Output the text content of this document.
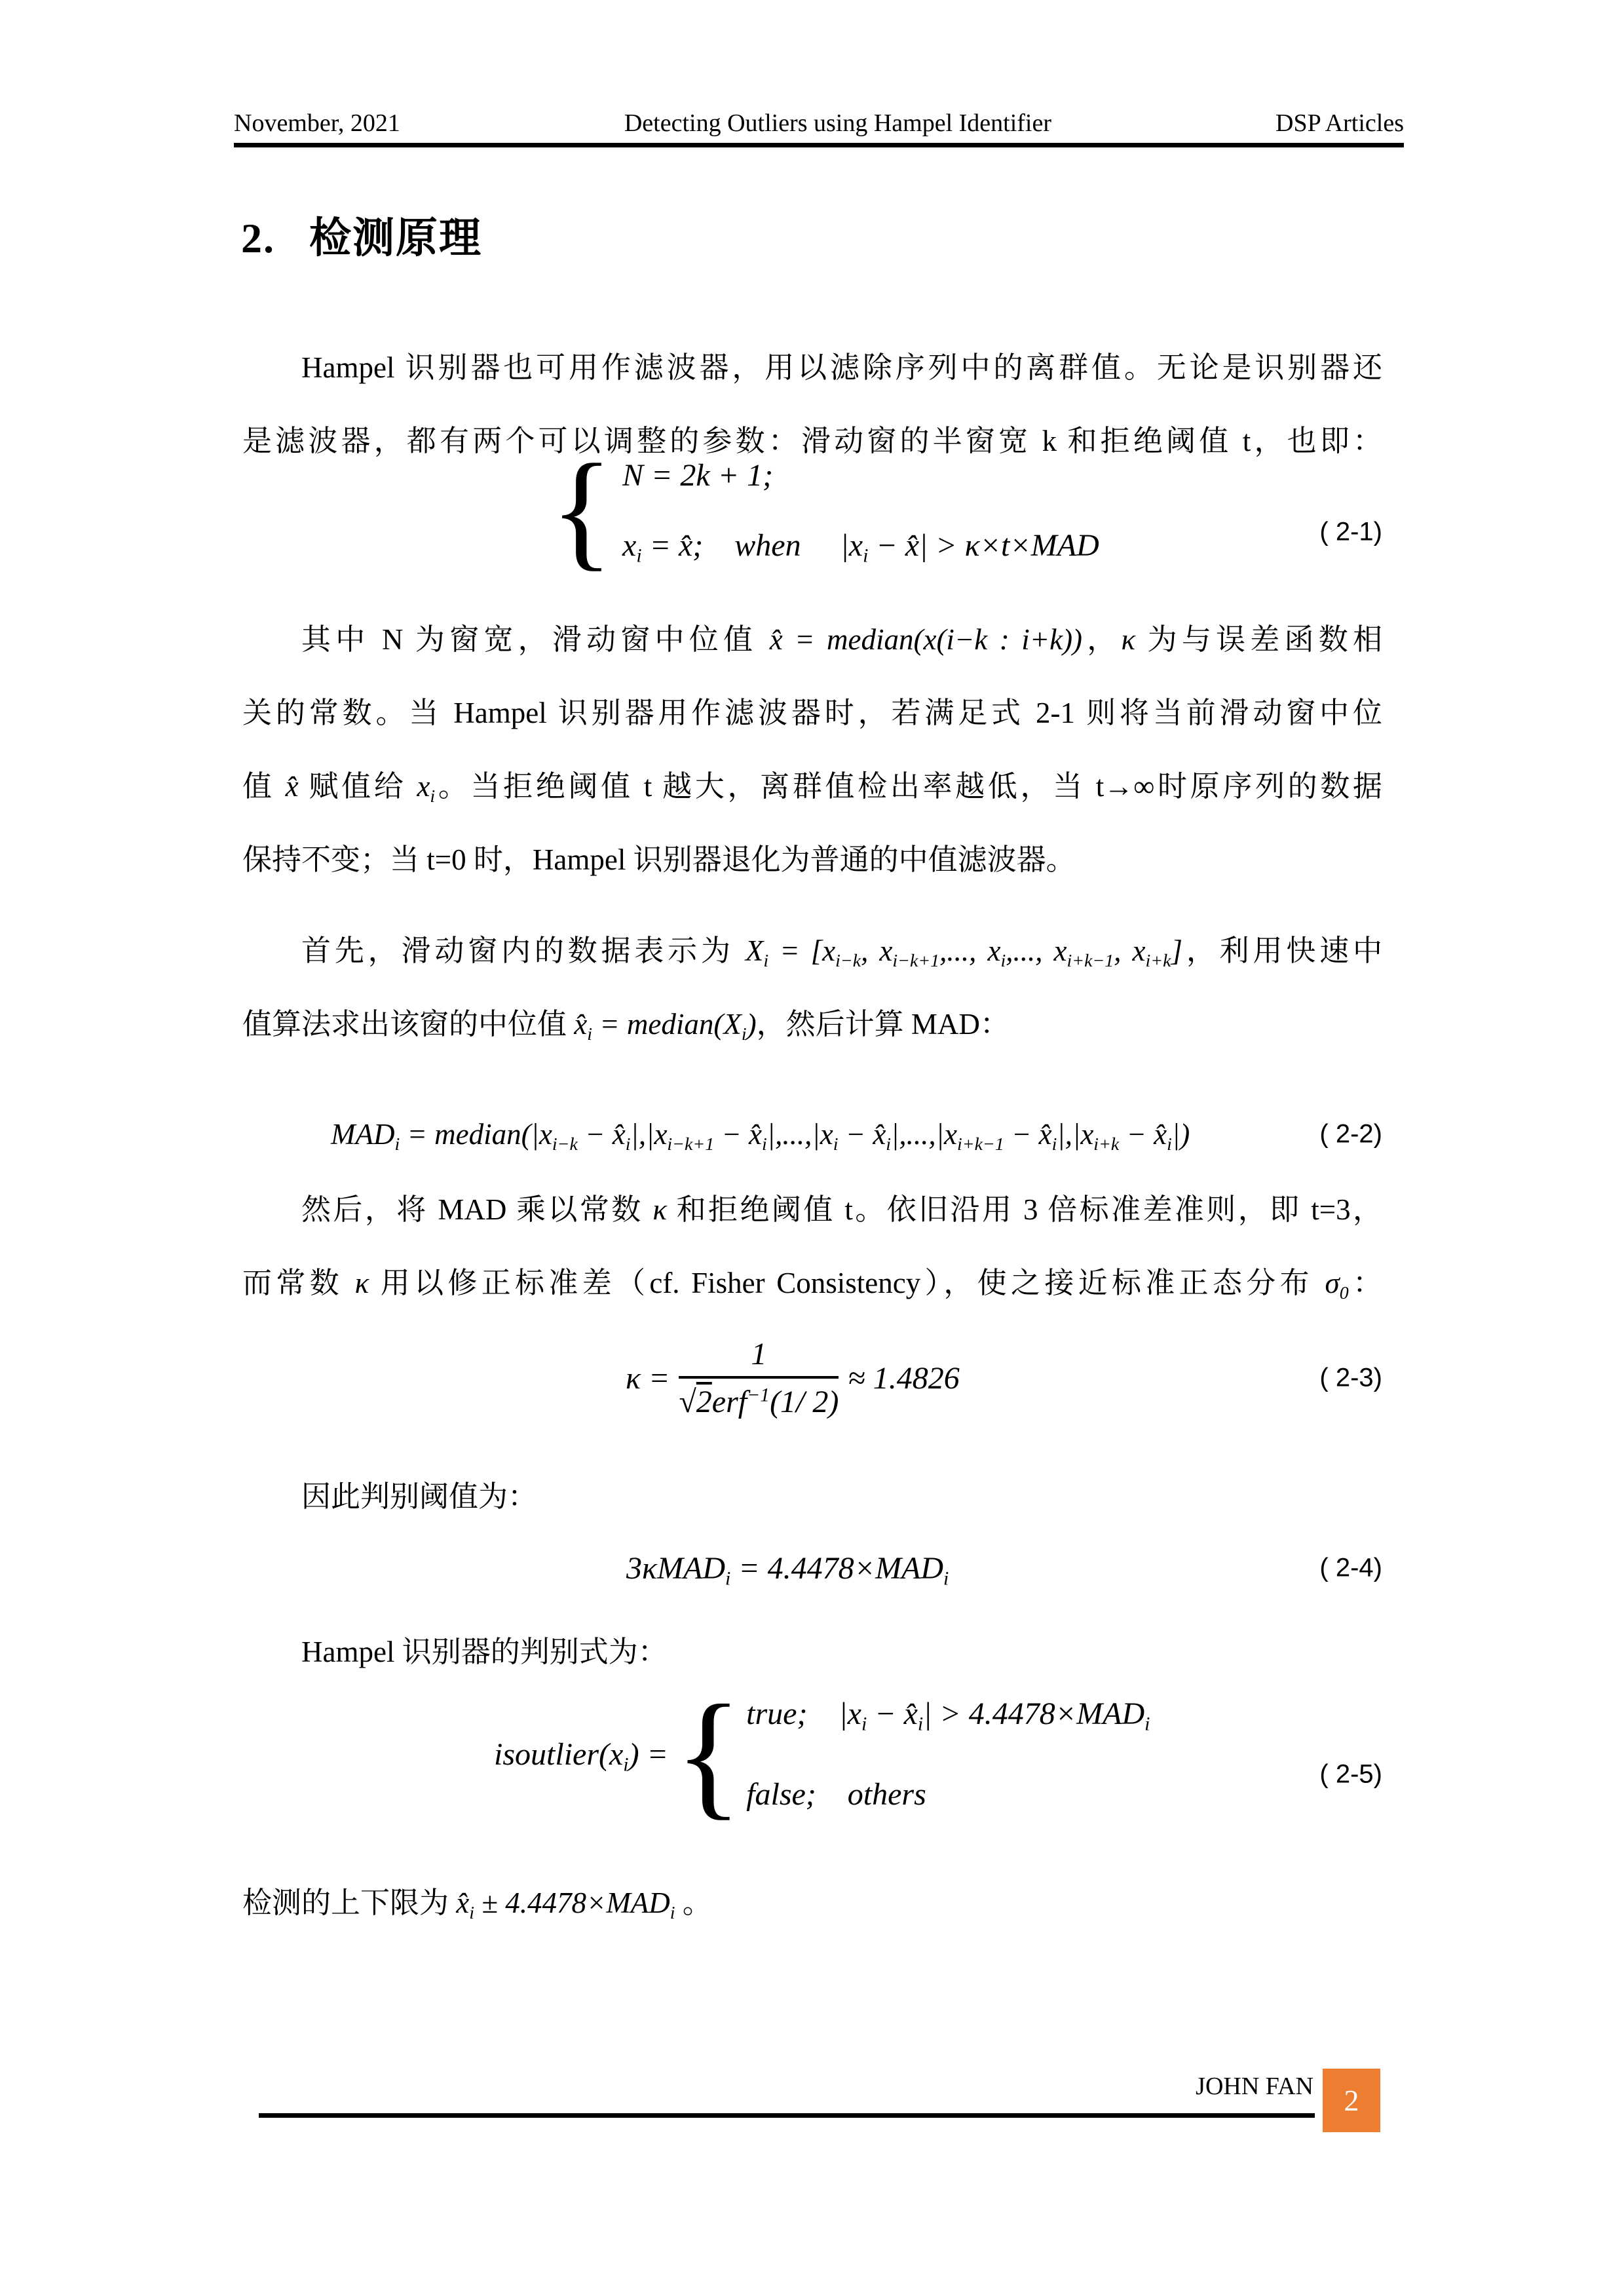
November, 2021	Detecting Outliers using Hampel Identifier	DSP Articles
2. 检测原理
Hampel 识别器也可用作滤波器，用以滤除序列中的离群值。无论是识别器还
是滤波器，都有两个可以调整的参数：滑动窗的半窗宽 k 和拒绝阈值 t，也即：
{ N = 2k + 1;
$x_i$ = x̂; when  $|x_i$ − x̂| > κ×t×MAD	( 2-1)
其中 N 为窗宽，滑动窗中位值 x̂ = median(x(i−k : i+k))，κ 为与误差函数相
关的常数。当 Hampel 识别器用作滤波器时，若满足式 2-1 则将当前滑动窗中位
值 x̂ 赋值给 $x_i$。当拒绝阈值 t 越大，离群值检出率越低，当 t→∞时原序列的数据
保持不变；当 t=0 时，Hampel 识别器退化为普通的中值滤波器。
首先，滑动窗内的数据表示为 $X_i = [x_{i-k}$, $x_{i-k+1}$,..., $x_i$,..., $x_{i+k-1}$, $x_{i+k}$]，利用快速中
值算法求出该窗的中位值 $x̂_i$ = $median(X_i)$，然后计算 MAD：
$MAD_i$ = $median(|x_{i-k}$ − $x̂_i|,|x_{i-k+1}$ − $x̂_i|,...,|x_i$ − $x̂_i|,...,|x_{i+k-1}$ − $x̂_i|,|x_{i+k}$ − $x̂_i|$)	( 2-2)
然后，将 MAD 乘以常数 κ 和拒绝阈值 t。依旧沿用 3 倍标准差准则，即 t=3，
而常数 κ 用以修正标准差（cf. Fisher Consistency），使之接近标准正态分布 $\sigma_0$：
$\kappa = \frac{1}{√2erf^{-1}(1/ 2)} \approx 1.4826$	( 2-3)
因此判别阈值为：
$3\kappa MAD_i = 4.4478\times MAD_i$	( 2-4)
Hampel 识别器的判别式为：
$isoutlier(x_i)$ = { true; $|x_i$ − $x̂_i| > 4.4478\times MAD_i$
false; others
( 2-5)
检测的上下限为 $x̂_i \pm 4.4478\times MAD_i$ 。
JOHN FAN 2
